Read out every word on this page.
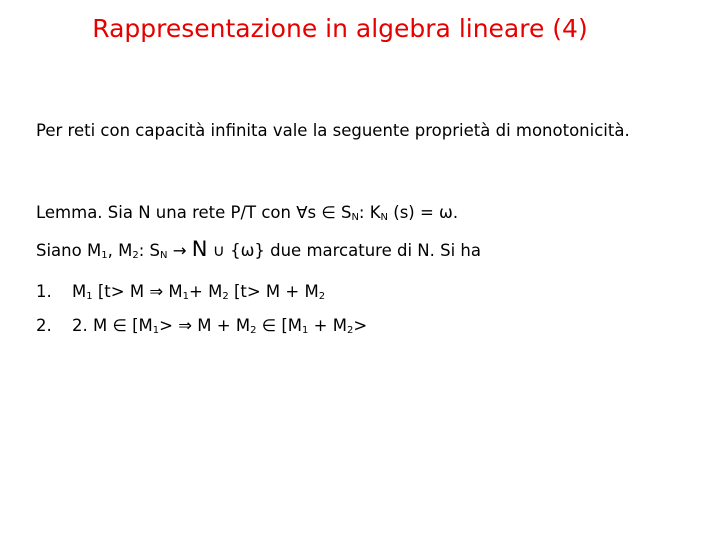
Rappresentazione in algebra lineare (4)
Per reti con capacità infinita vale la seguente proprietà di monotonicità.
Lemma. Sia N una rete P/T con ∀s ∈ $S_N$: $K_N$ (s) = ω.
Siano $M_1$, $M_2$: $S_N \to N$ ∪ {ω} due marcature di N. Si ha
1. $M_1$ [t> M ⇒ $M_1+ M_2$ [$t> M + M_2$
2. 2. M ∈ [$M_1>$ ⇒ $M + M_2$ ∈ [$M_1 + M_2>$
